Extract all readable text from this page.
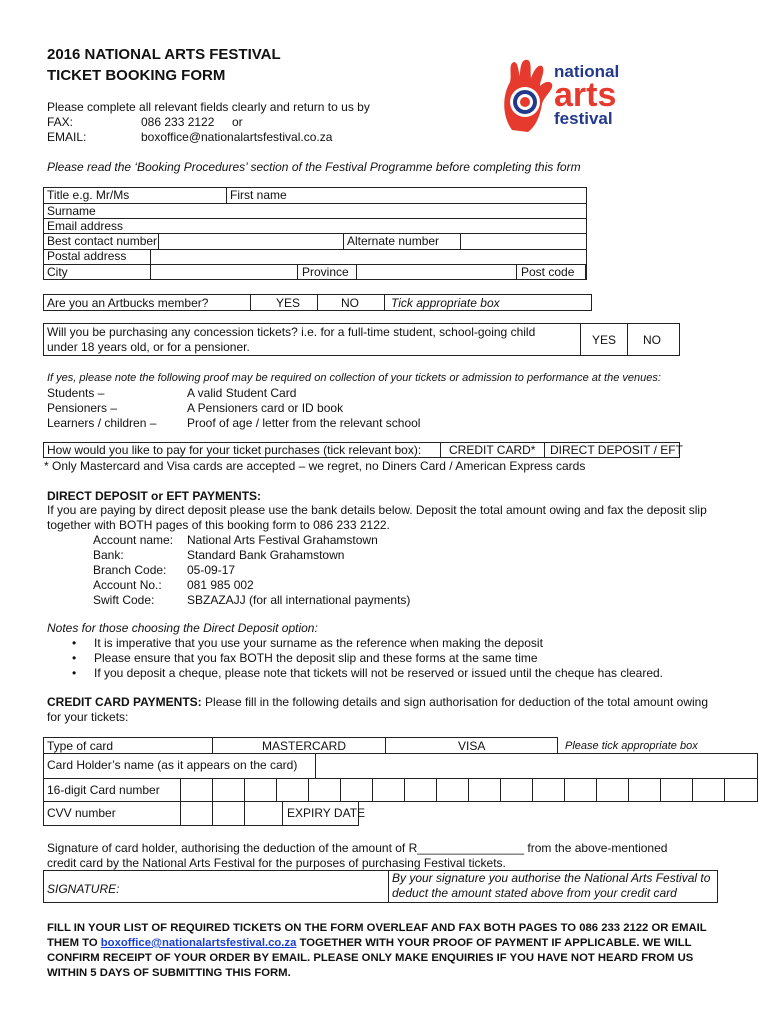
2016 NATIONAL ARTS FESTIVAL
TICKET BOOKING FORM
Please complete all relevant fields clearly and return to us by
FAX:	086 233 2122 or
EMAIL:	boxoffice@nationalartsfestival.co.za
Please read the ‘Booking Procedures’ section of the Festival Programme before completing this form
national
arts
festival
Title e.g. Mr/Ms	First name
Surname
Email address
Best contact number	Alternate number
Postal address
City	Province	Post code
Are you an Artbucks member?	YES	NO	Tick appropriate box
Will you be purchasing any concession tickets? i.e. for a full-time student, school-going child
under 18 years old, or for a pensioner.	YES NO
If yes, please note the following proof may be required on collection of your tickets or admission to performance at the venues:
Students –	A valid Student Card
Pensioners –	A Pensioners card or ID book
Learners / children –	Proof of age / letter from the relevant school
How would you like to pay for your ticket purchases (tick relevant box): CREDIT CARD* DIRECT DEPOSIT / EFT
* Only Mastercard and Visa cards are accepted – we regret, no Diners Card / American Express cards
DIRECT DEPOSIT or EFT PAYMENTS:
If you are paying by direct deposit please use the bank details below. Deposit the total amount owing and fax the deposit slip
together with BOTH pages of this booking form to 086 233 2122.
Account name: National Arts Festival Grahamstown
Bank:	Standard Bank Grahamstown
Branch Code: 05-09-17
Account No.: 081 985 002
Swift Code:	SBZAZAJJ (for all international payments)
Notes for those choosing the Direct Deposit option:
• It is imperative that you use your surname as the reference when making the deposit
• Please ensure that you fax BOTH the deposit slip and these forms at the same time
• If you deposit a cheque, please note that tickets will not be reserved or issued until the cheque has cleared.
CREDIT CARD PAYMENTS: Please fill in the following details and sign authorisation for deduction of the total amount owing
for your tickets:
Type of card	MASTERCARD	VISA	Please tick appropriate box
Card Holder’s name (as it appears on the card)
16-digit Card number
CVV number	EXPIRY DATE
Signature of card holder, authorising the deduction of the amount of R________________ from the above-mentioned
credit card by the National Arts Festival for the purposes of purchasing Festival tickets.
SIGNATURE:
By your signature you authorise the National Arts Festival to
deduct the amount stated above from your credit card
FILL IN YOUR LIST OF REQUIRED TICKETS ON THE FORM OVERLEAF AND FAX BOTH PAGES TO 086 233 2122 OR EMAIL
THEM TO boxoffice@nationalartsfestival.co.za TOGETHER WITH YOUR PROOF OF PAYMENT IF APPLICABLE. WE WILL
CONFIRM RECEIPT OF YOUR ORDER BY EMAIL. PLEASE ONLY MAKE ENQUIRIES IF YOU HAVE NOT HEARD FROM US
WITHIN 5 DAYS OF SUBMITTING THIS FORM.
